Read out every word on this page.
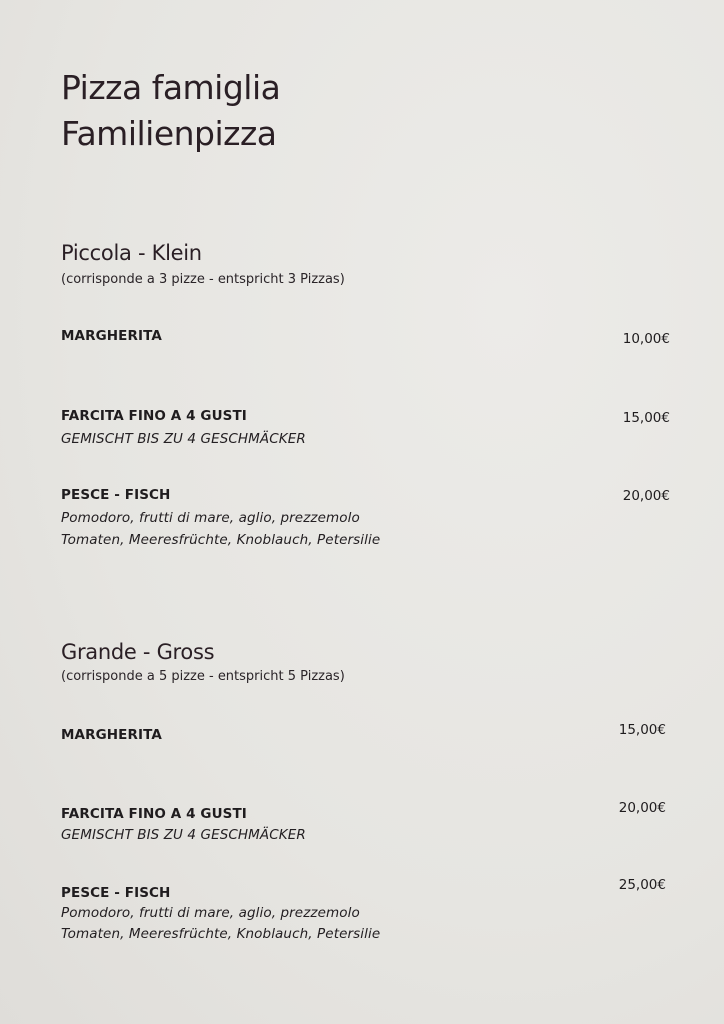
Pizza famiglia
Familienpizza
Piccola - Klein
(corrisponde a 3 pizze - entspricht 3 Pizzas)
MARGHERITA	10,00€
FARCITA FINO A 4 GUSTI
GEMISCHT BIS ZU 4 GESCHMÄCKER
15,00€
PESCE - FISCH
Pomodoro, frutti di mare, aglio, prezzemolo
Tomaten, Meeresfrüchte, Knoblauch, Petersilie
20,00€
Grande - Gross
(corrisponde a 5 pizze - entspricht 5 Pizzas)
MARGHERITA	15,00€
FARCITA FINO A 4 GUSTI
GEMISCHT BIS ZU 4 GESCHMÄCKER
20,00€
PESCE - FISCH
Pomodoro, frutti di mare, aglio, prezzemolo
Tomaten, Meeresfrüchte, Knoblauch, Petersilie
25,00€
